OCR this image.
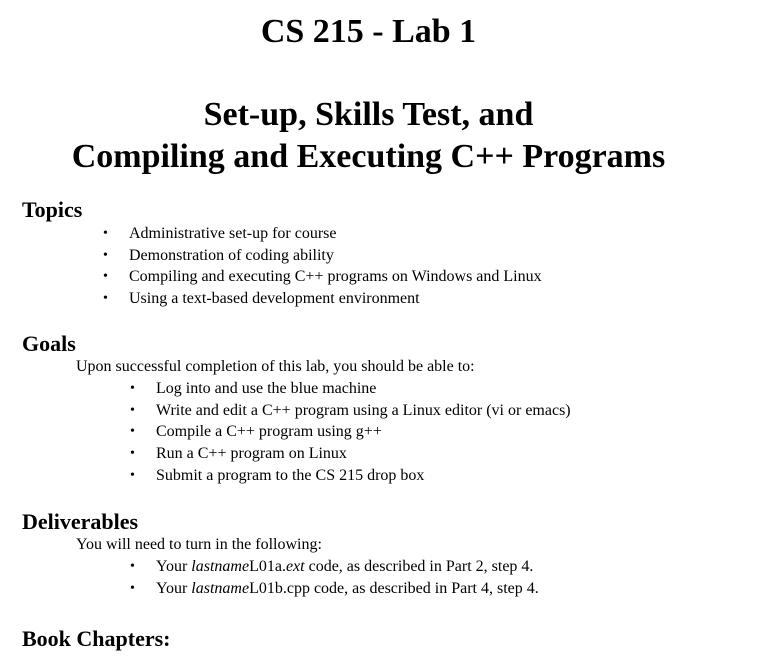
CS 215 - Lab 1
Set-up, Skills Test, and
Compiling and Executing C++ Programs
Topics
• Administrative set-up for course
• Demonstration of coding ability
• Compiling and executing C++ programs on Windows and Linux
• Using a text-based development environment
Goals

Upon successful completion of this lab, you should be able to:

• Log into and use the blue machine
• Write and edit a C++ program using a Linux editor (vi or emacs)
• Compile a C++ program using g++
• Run a C++ program on Linux
• Submit a program to the CS 215 drop box
Deliverables

You will need to turn in the following:

• Your lastnameL01a.ext code, as described in Part 2, step 4.
• Your lastnameL01b.cpp code, as described in Part 4, step 4.
Book Chapters:
